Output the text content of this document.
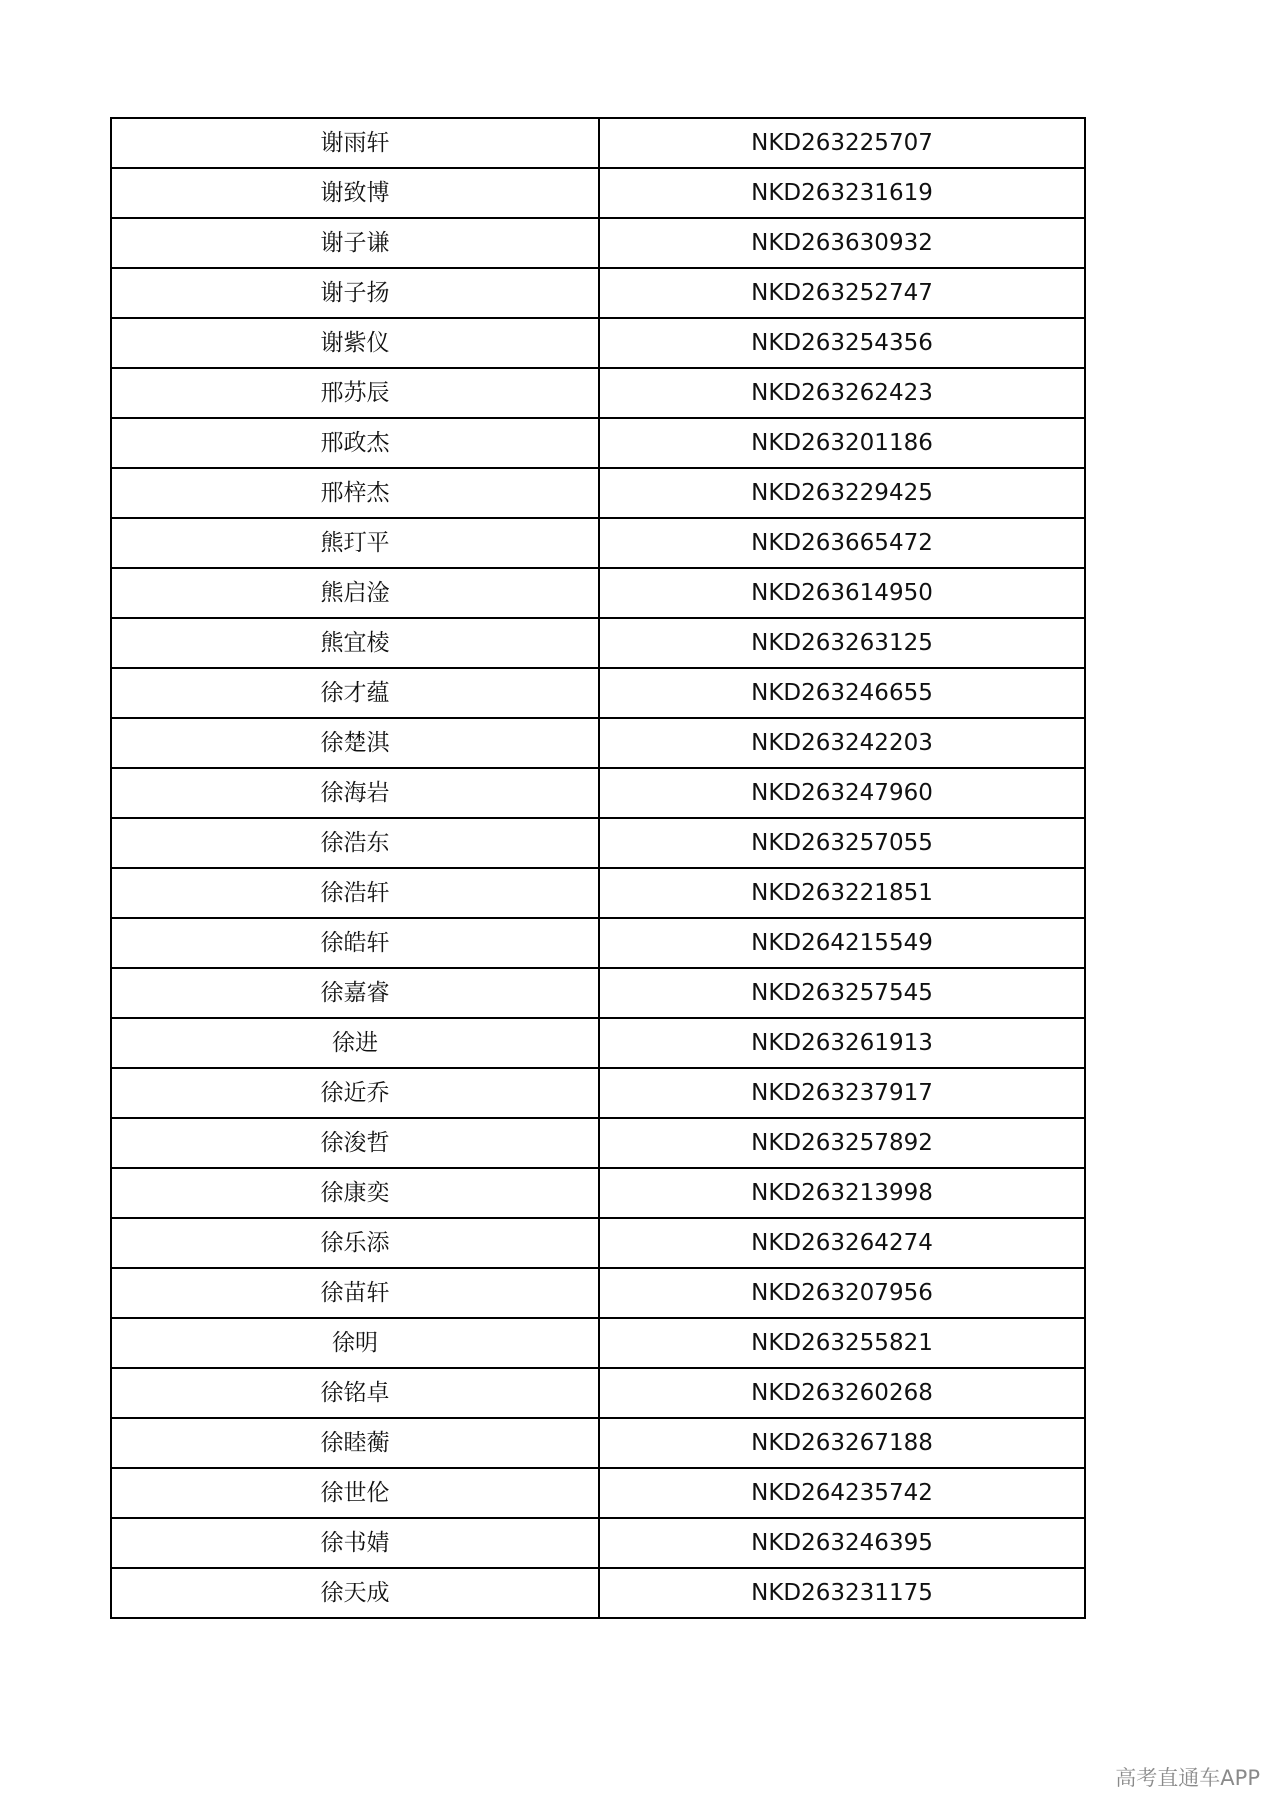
谢雨轩	NKD263225707
谢致博	NKD263231619
谢子谦	NKD263630932
谢子扬	NKD263252747
谢紫仪	NKD263254356
邢苏辰	NKD263262423
邢政杰	NKD263201186
邢梓杰	NKD263229425
熊玎平	NKD263665472
熊启淦	NKD263614950
熊宜棱	NKD263263125
徐才蕴	NKD263246655
徐楚淇	NKD263242203
徐海岩	NKD263247960
徐浩东	NKD263257055
徐浩轩	NKD263221851
徐皓轩	NKD264215549
徐嘉睿	NKD263257545
徐进	NKD263261913
徐近乔	NKD263237917
徐浚哲	NKD263257892
徐康奕	NKD263213998
徐乐添	NKD263264274
徐苗轩	NKD263207956
徐明	NKD263255821
徐铭卓	NKD263260268
徐睦蘅	NKD263267188
徐世伦	NKD264235742
徐书婧	NKD263246395
徐天成	NKD263231175
高考直通车APP
